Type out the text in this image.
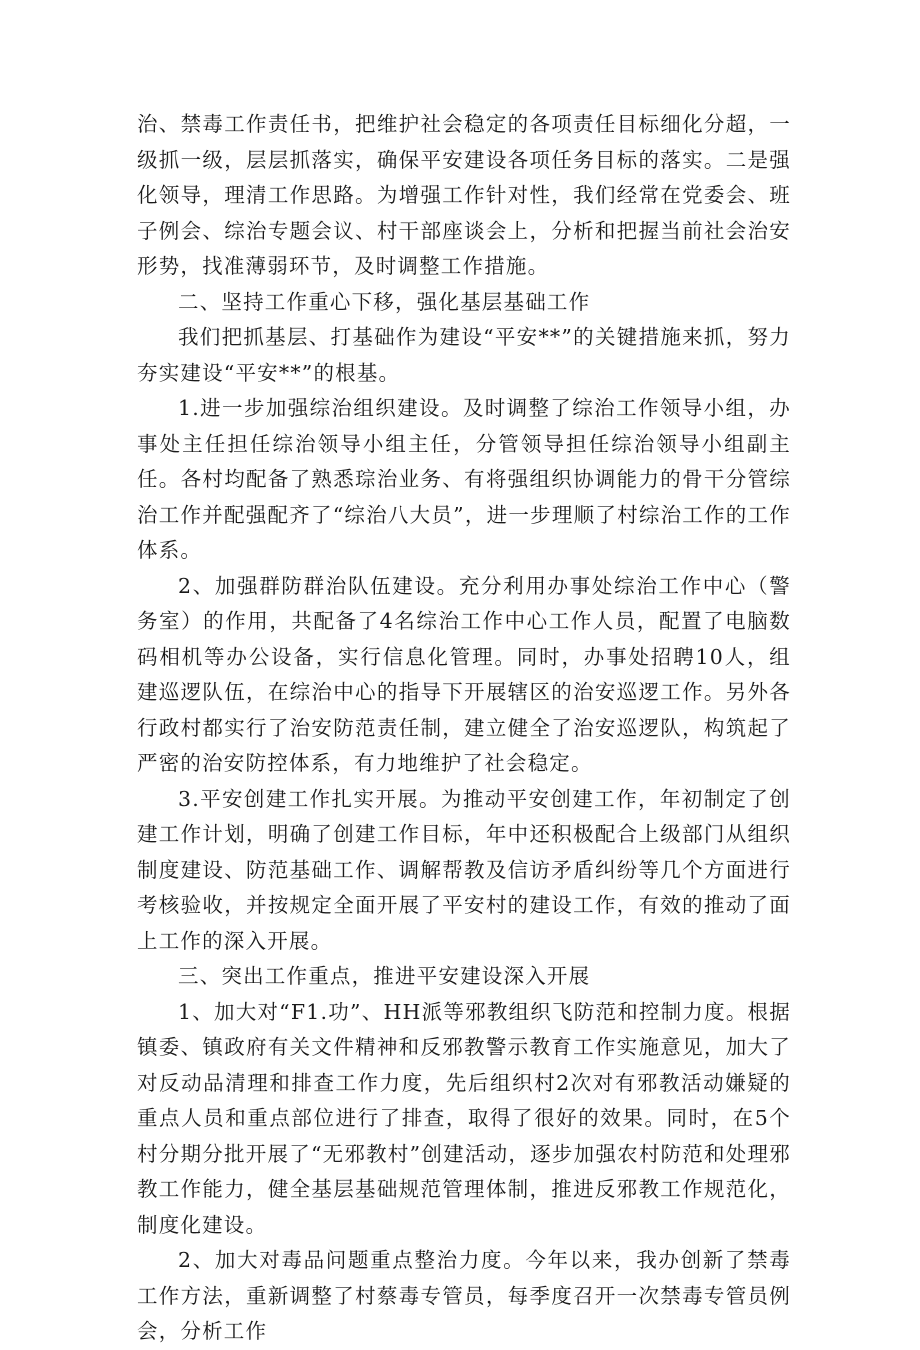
治、禁毒工作责任书，把维护社会稳定的各项责任目标细化分超，一级抓一级，层层抓落实，确保平安建设各项任务目标的落实。二是强化领导，理清工作思路。为增强工作针对性，我们经常在党委会、班子例会、综治专题会议、村干部座谈会上，分析和把握当前社会治安形势，找准薄弱环节，及时调整工作措施。

二、坚持工作重心下移，强化基层基础工作

我们把抓基层、打基础作为建设“平安**”的关键措施来抓，努力夯实建设“平安**”的根基。

1.进一步加强综治组织建设。及时调整了综治工作领导小组，办事处主任担任综治领导小组主任，分管领导担任综治领导小组副主任。各村均配备了熟悉琮治业务、有将强组织协调能力的骨干分管综治工作并配强配齐了“综治八大员”，进一步理顺了村综治工作的工作体系。

2、加强群防群治队伍建设。充分利用办事处综治工作中心（警务室）的作用，共配备了4名综治工作中心工作人员，配置了电脑数码相机等办公设备，实行信息化管理。同时，办事处招聘10人，组建巡逻队伍，在综治中心的指导下开展辖区的治安巡逻工作。另外各行政村都实行了治安防范责任制，建立健全了治安巡逻队，构筑起了严密的治安防控体系，有力地维护了社会稳定。

3.平安创建工作扎实开展。为推动平安创建工作，年初制定了创建工作计划，明确了创建工作目标，年中还积极配合上级部门从组织制度建设、防范基础工作、调解帮教及信访矛盾纠纷等几个方面进行考核验收，并按规定全面开展了平安村的建设工作，有效的推动了面上工作的深入开展。

三、突出工作重点，推进平安建设深入开展

1、加大对“F1.功”、HH派等邪教组织飞防范和控制力度。根据镇委、镇政府有关文件精神和反邪教警示教育工作实施意见，加大了对反动品清理和排查工作力度，先后组织村2次对有邪教活动嫌疑的重点人员和重点部位进行了排查，取得了很好的效果。同时，在5个村分期分批开展了“无邪教村”创建活动，逐步加强农村防范和处理邪教工作能力，健全基层基础规范管理体制，推进反邪教工作规范化，制度化建设。

2、加大对毒品问题重点整治力度。今年以来，我办创新了禁毒工作方法，重新调整了村蔡毒专管员，每季度召开一次禁毒专管员例会，分析工作
